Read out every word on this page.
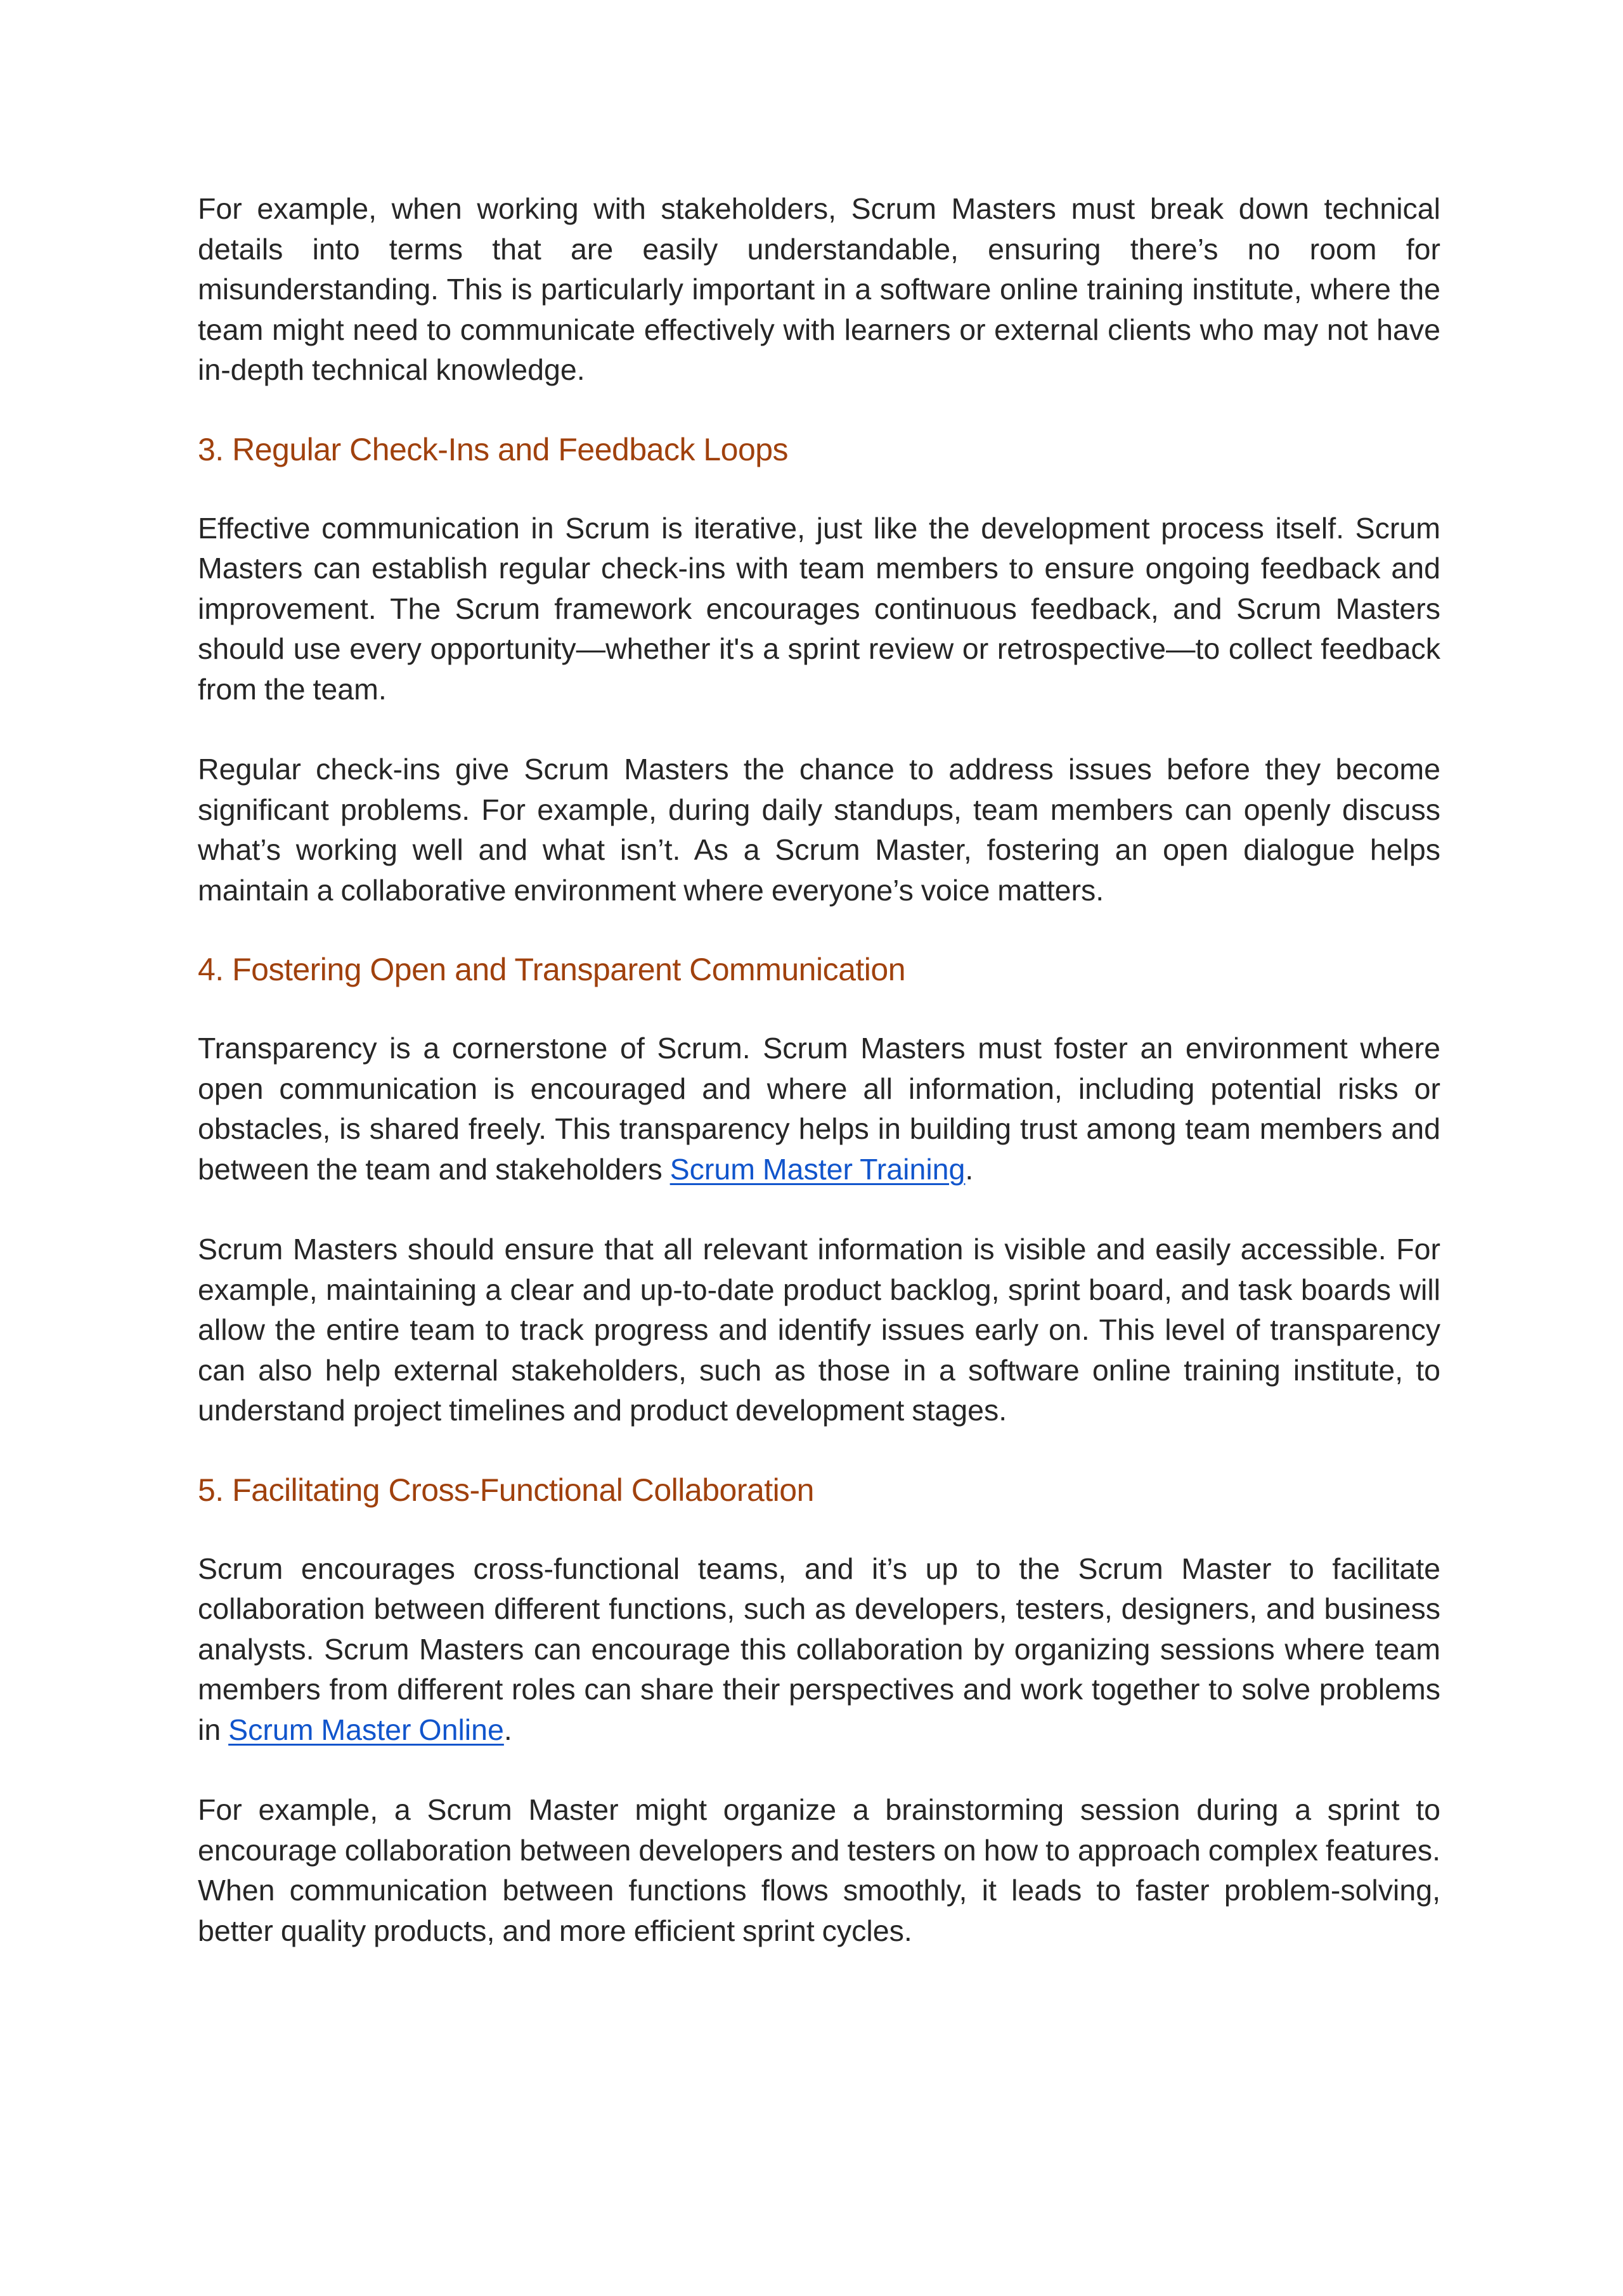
For example, when working with stakeholders, Scrum Masters must break down technical details into terms that are easily understandable, ensuring there’s no room for misunderstanding. This is particularly important in a software online training institute, where the team might need to communicate effectively with learners or external clients who may not have in-depth technical knowledge.

3. Regular Check-Ins and Feedback Loops

Effective communication in Scrum is iterative, just like the development process itself. Scrum Masters can establish regular check-ins with team members to ensure ongoing feedback and improvement. The Scrum framework encourages continuous feedback, and Scrum Masters should use every opportunity—whether it's a sprint review or retrospective—to collect feedback from the team.

Regular check-ins give Scrum Masters the chance to address issues before they become significant problems. For example, during daily standups, team members can openly discuss what’s working well and what isn’t. As a Scrum Master, fostering an open dialogue helps maintain a collaborative environment where everyone’s voice matters.

4. Fostering Open and Transparent Communication

Transparency is a cornerstone of Scrum. Scrum Masters must foster an environment where open communication is encouraged and where all information, including potential risks or obstacles, is shared freely. This transparency helps in building trust among team members and between the team and stakeholders Scrum Master Training.

Scrum Masters should ensure that all relevant information is visible and easily accessible. For example, maintaining a clear and up-to-date product backlog, sprint board, and task boards will allow the entire team to track progress and identify issues early on. This level of transparency can also help external stakeholders, such as those in a software online training institute, to understand project timelines and product development stages.

5. Facilitating Cross-Functional Collaboration

Scrum encourages cross-functional teams, and it’s up to the Scrum Master to facilitate collaboration between different functions, such as developers, testers, designers, and business analysts. Scrum Masters can encourage this collaboration by organizing sessions where team members from different roles can share their perspectives and work together to solve problems in Scrum Master Online.

For example, a Scrum Master might organize a brainstorming session during a sprint to encourage collaboration between developers and testers on how to approach complex features. When communication between functions flows smoothly, it leads to faster problem-solving, better quality products, and more efficient sprint cycles.
